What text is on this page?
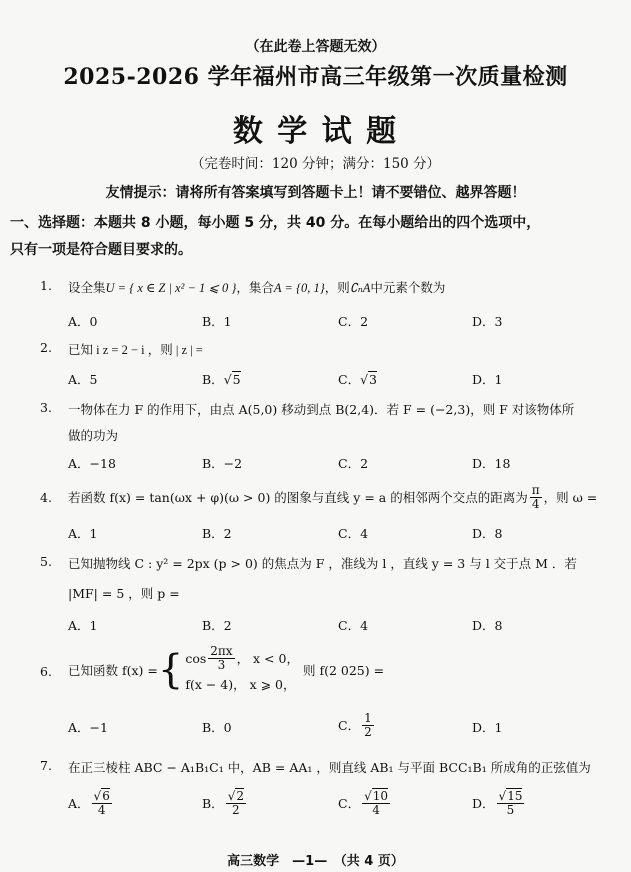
（在此卷上答题无效）
2025-2026 学年福州市高三年级第一次质量检测
数 学 试 题
（完卷时间：120 分钟；满分：150 分）
友情提示：请将所有答案填写到答题卡上！请不要错位、越界答题！
一、选择题：本题共 8 小题，每小题 5 分，共 40 分。在每小题给出的四个选项中，
只有一项是符合题目要求的。
1. 设全集U = { x ∈ Z | x² − 1 ⩽ 0 }，集合A = {0, 1}，则∁ₙA中元素个数为
A．0	B．1	C．2	D．3
2. 已知 i z = 2 − i ，则 | z | =
A．5	B．√5	C．√3	D．1
3. 一物体在力 F 的作用下，由点 A(5,0) 移动到点 B(2,4)．若 F = (−2,3)，则 F 对该物体所
做的功为
A．−18	B．−2	C．2	D．18
4. 若函数 f(x) = tan(ωx + φ)(ω > 0) 的图象与直线 y = a 的相邻两个交点的距离为 $\frac{\pi}{4}$ ，则 ω =
A．1	B．2	C．4	D．8
5. 已知抛物线 C : y² = 2px (p > 0) 的焦点为 F ，准线为 l ，直线 y = 3 与 l 交于点 M ．若
|MF| = 5 ，则 p =
A．1	B．2	C．4	D．8
6. 已知函数 f(x) = { $\cos \frac{2\pi x}{3}$ ， x < 0，
f(x − 4)， x ⩾ 0，
则 f(2 025) =
A．−1	B．0	C． $\frac{1}{2}$	D．1
7. 在正三棱柱 ABC − A₁B₁C₁ 中，AB = AA₁ ，则直线 AB₁ 与平面 BCC₁B₁ 所成角的正弦值为
A． $\frac{√6}{4}$	B． $\frac{√2}{2}$	C． $\frac{√10}{4}$	D． $\frac{√15}{5}$
高三数学　—1—　（共 4 页）
